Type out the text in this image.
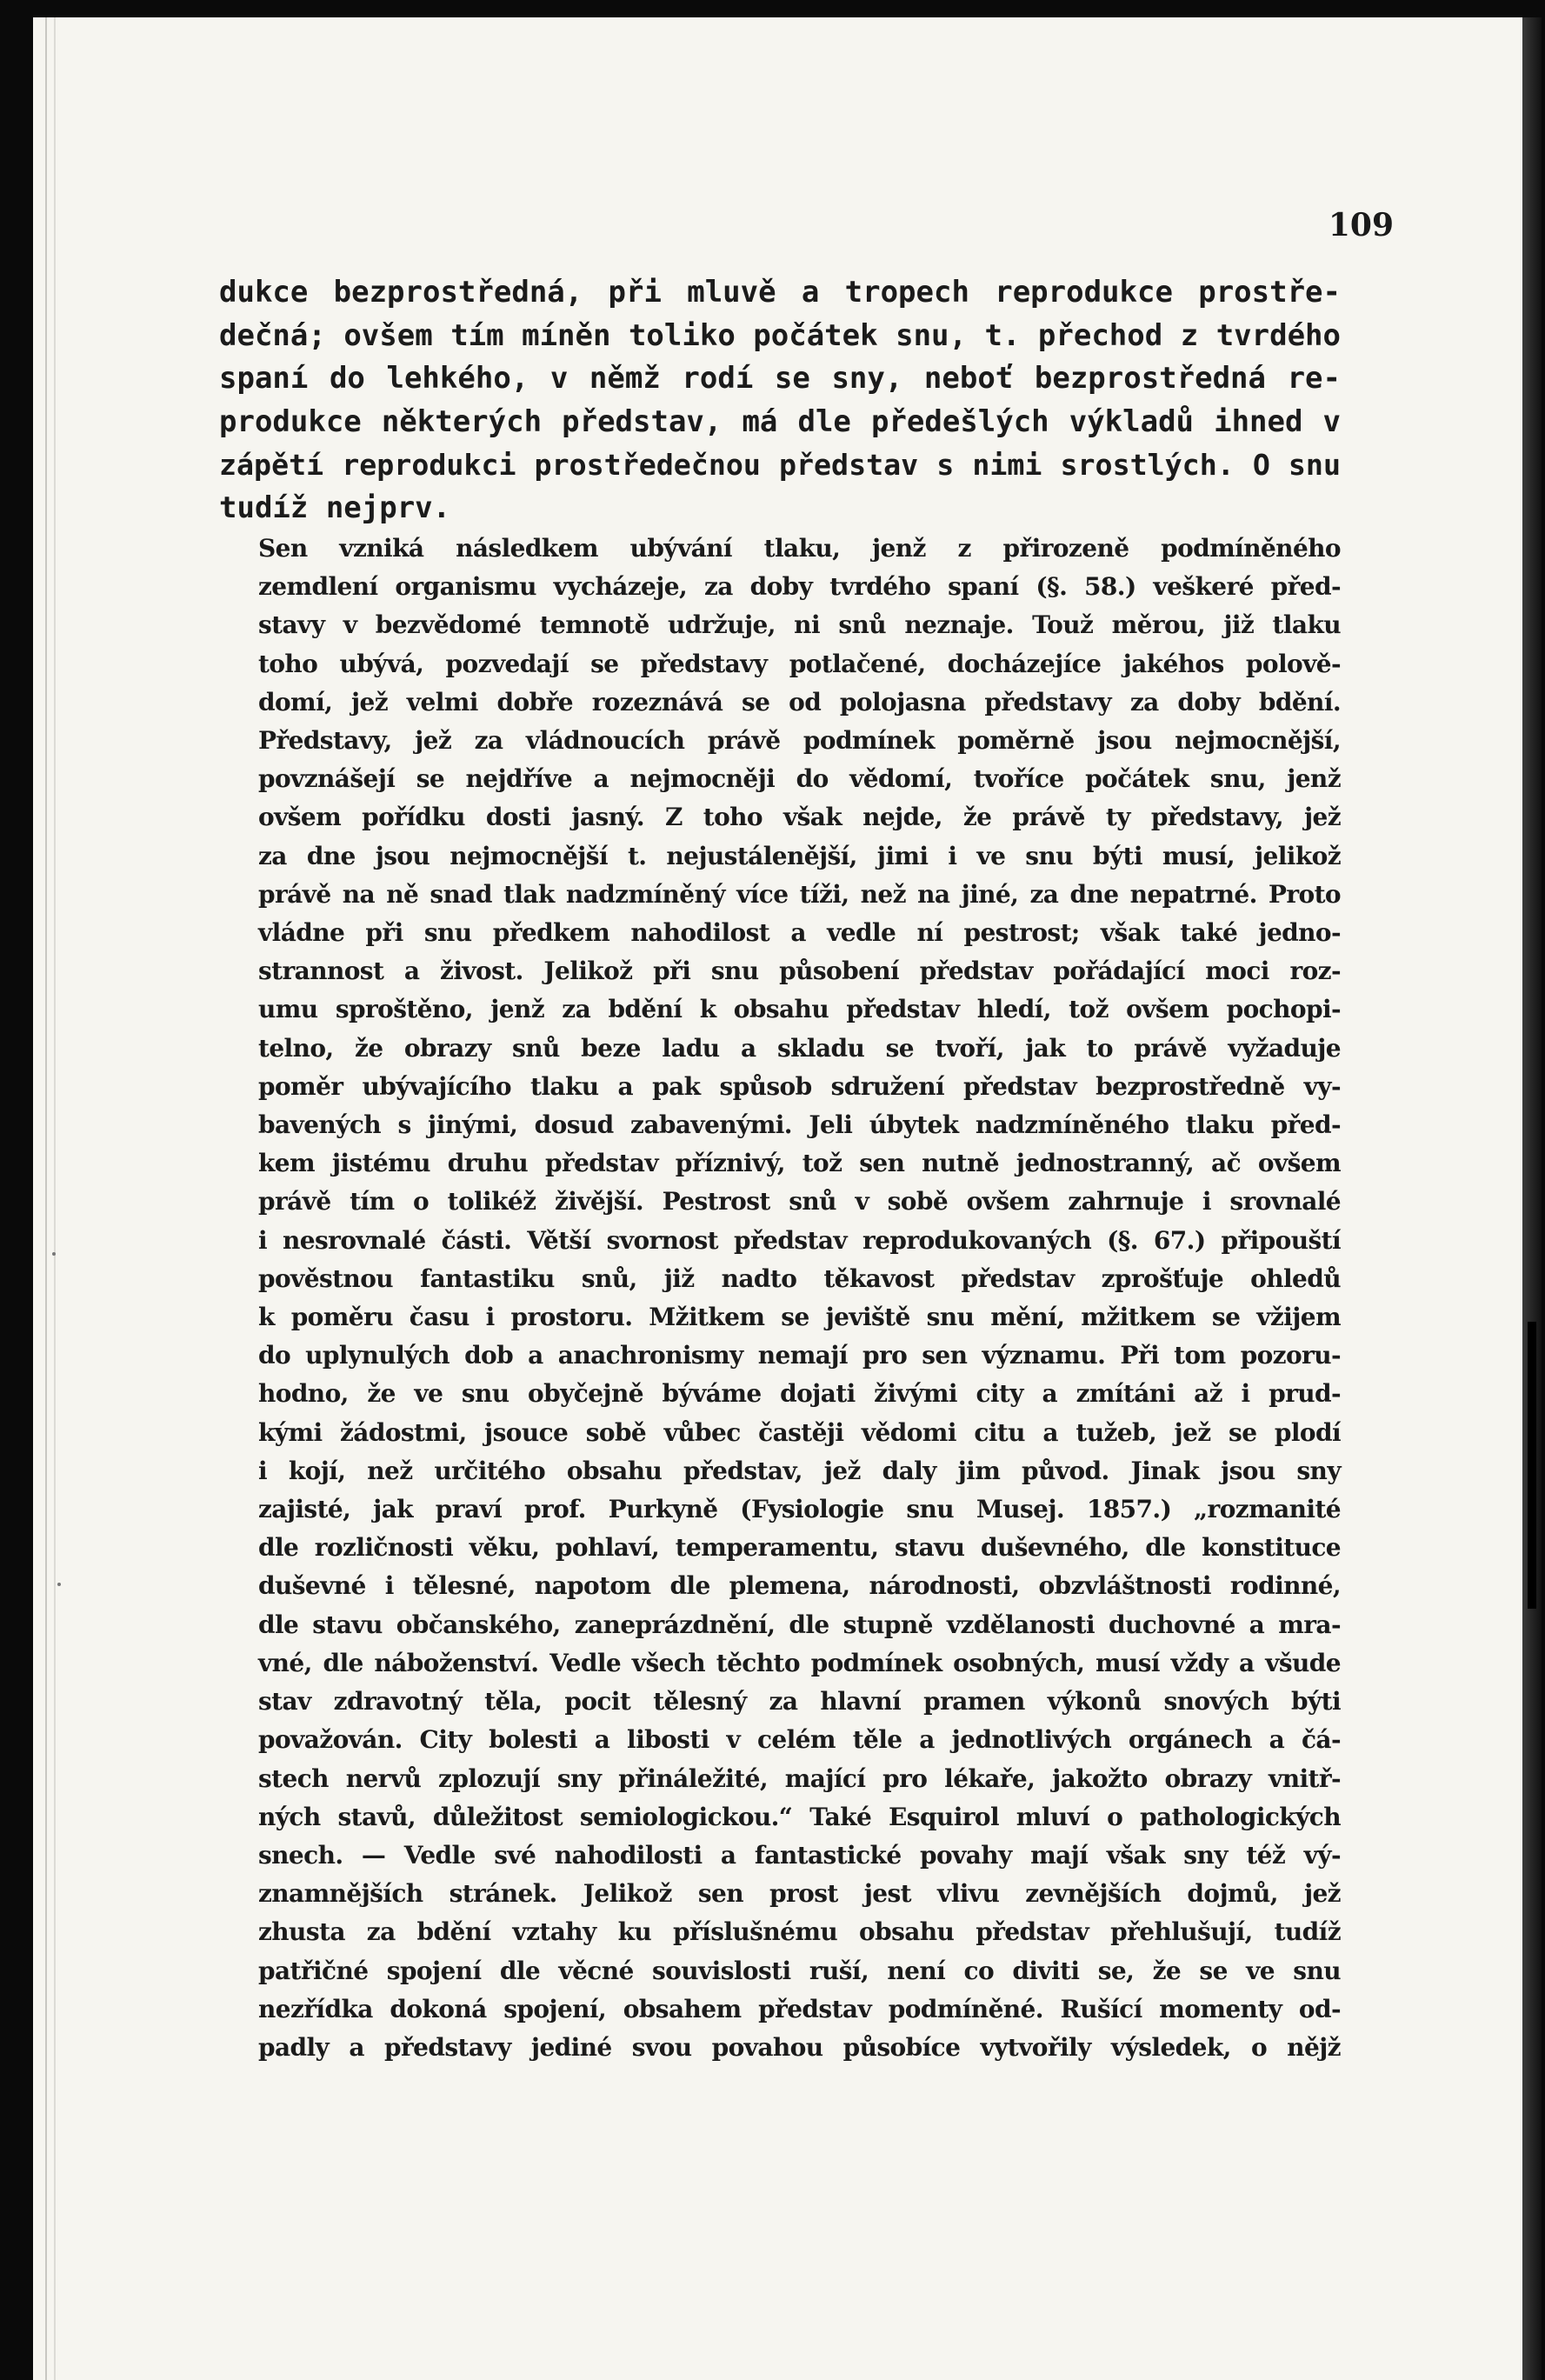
109

dukce bezprostředná, při mluvě a tropech reprodukce prostře-
dečná; ovšem tím míněn toliko počátek snu, t. přechod z tvrdého
spaní do lehkého, v němž rodí se sny, neboť bezprostředná re-
produkce některých představ, má dle předešlých výkladů ihned v
zápětí reprodukci prostředečnou představ s nimi srostlých. O snu
tudíž nejprv.

Sen vzniká následkem ubývání tlaku, jenž z přirozeně podmíněného
zemdlení organismu vycházeje, za doby tvrdého spaní (§. 58.) veškeré před-
stavy v bezvědomé temnotě udržuje, ni snů neznaje. Touž měrou, již tlaku
toho ubývá, pozvedají se představy potlačené, docházejíce jakéhos polově-
domí, jež velmi dobře rozeznává se od polojasna představy za doby bdění.
Představy, jež za vládnoucích právě podmínek poměrně jsou nejmocnější,
povznášejí se nejdříve a nejmocněji do vědomí, tvoříce počátek snu, jenž
ovšem pořídku dosti jasný. Z toho však nejde, že právě ty představy, jež
za dne jsou nejmocnější t. nejustálenější, jimi i ve snu býti musí, jelikož
právě na ně snad tlak nadzmíněný více tíži, než na jiné, za dne nepatrné. Proto
vládne při snu předkem nahodilost a vedle ní pestrost; však také jedno-
strannost a živost. Jelikož při snu působení představ pořádající moci roz-
umu sproštěno, jenž za bdění k obsahu představ hledí, tož ovšem pochopi-
telno, že obrazy snů beze ladu a skladu se tvoří, jak to právě vyžaduje
poměr ubývajícího tlaku a pak spůsob sdružení představ bezprostředně vy-
bavených s jinými, dosud zabavenými. Jeli úbytek nadzmíněného tlaku před-
kem jistému druhu představ příznivý, tož sen nutně jednostranný, ač ovšem
právě tím o tolikéž živější. Pestrost snů v sobě ovšem zahrnuje i srovnalé
i nesrovnalé části. Větší svornost představ reprodukovaných (§. 67.) připouští
pověstnou fantastiku snů, již nadto těkavost představ zprošťuje ohledů
k poměru času i prostoru. Mžitkem se jeviště snu mění, mžitkem se vžijem
do uplynulých dob a anachronismy nemají pro sen významu. Při tom pozoru-
hodno, že ve snu obyčejně býváme dojati živými city a zmítáni až i prud-
kými žádostmi, jsouce sobě vůbec častěji vědomi citu a tužeb, jež se plodí
i kojí, než určitého obsahu představ, jež daly jim původ. Jinak jsou sny
zajisté, jak praví prof. Purkyně (Fysiologie snu Musej. 1857.) „rozmanité
dle rozličnosti věku, pohlaví, temperamentu, stavu duševného, dle konstituce
duševné i tělesné, napotom dle plemena, národnosti, obzvláštnosti rodinné,
dle stavu občanského, zaneprázdnění, dle stupně vzdělanosti duchovné a mra-
vné, dle náboženství. Vedle všech těchto podmínek osobných, musí vždy a všude
stav zdravotný těla, pocit tělesný za hlavní pramen výkonů snových býti
považován. City bolesti a libosti v celém těle a jednotlivých orgánech a čá-
stech nervů zplozují sny přináležité, mající pro lékaře, jakožto obrazy vnitř-
ných stavů, důležitost semiologickou.“ Také Esquirol mluví o pathologických
snech. — Vedle své nahodilosti a fantastické povahy mají však sny též vý-
znamnějších stránek. Jelikož sen prost jest vlivu zevnějších dojmů, jež
zhusta za bdění vztahy ku příslušnému obsahu představ přehlušují, tudíž
patřičné spojení dle věcné souvislosti ruší, není co diviti se, že se ve snu
nezřídka dokoná spojení, obsahem představ podmíněné. Rušící momenty od-
padly a představy jediné svou povahou působíce vytvořily výsledek, o nějž
